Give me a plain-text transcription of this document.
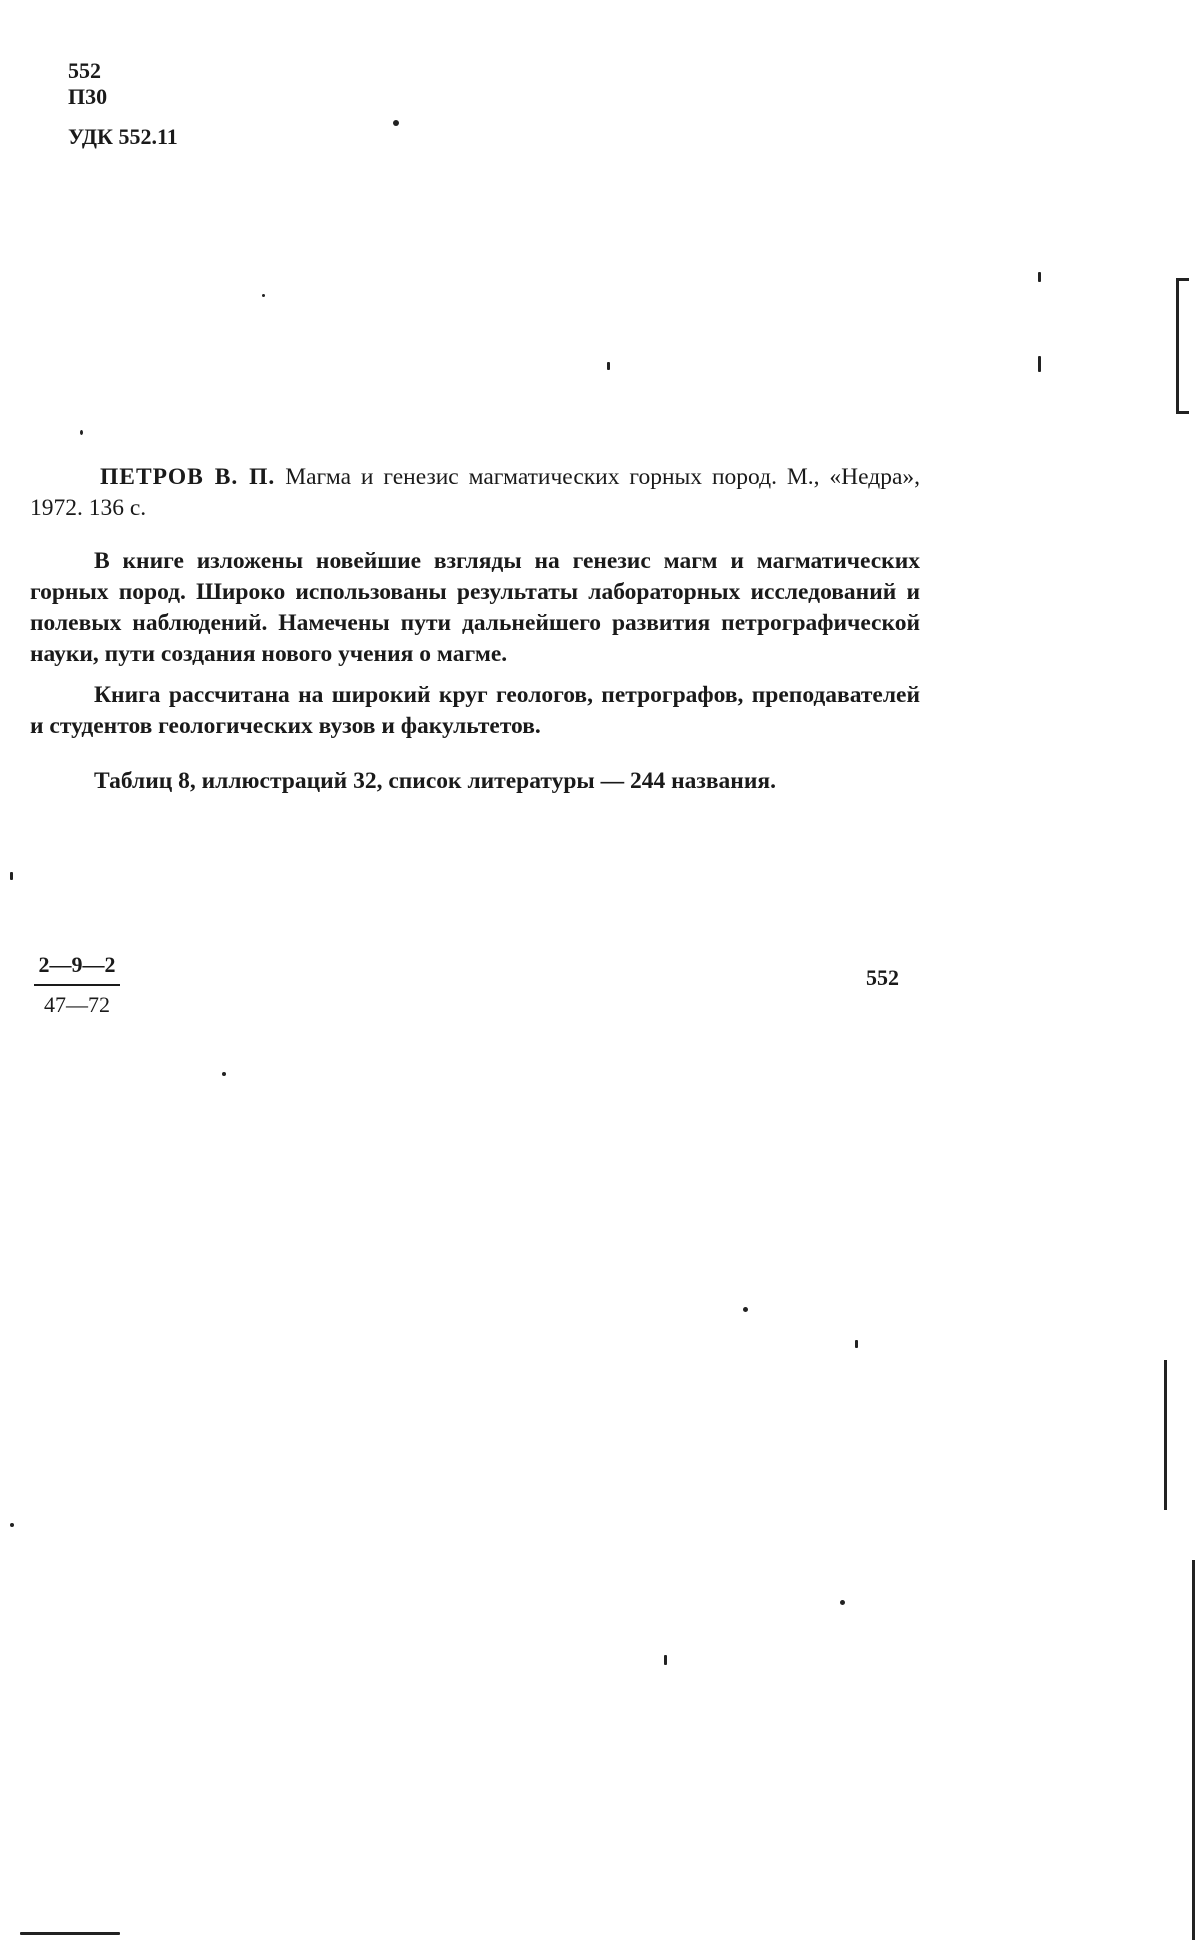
552
П30
УДК 552.11

ПЕТРОВ В. П. Магма и генезис магматических горных пород. М., «Недра», 1972. 136 с.

В книге изложены новейшие взгляды на генезис магм и магматических горных пород. Широко использованы результаты лабораторных исследований и полевых наблюдений. Намечены пути дальнейшего развития петрографической науки, пути создания нового учения о магме.

Книга рассчитана на широкий круг геологов, петрографов, преподавателей и студентов геологических вузов и факультетов.

Таблиц 8, иллюстраций 32, список литературы — 244 названия.

2—9—2
47—72
552
